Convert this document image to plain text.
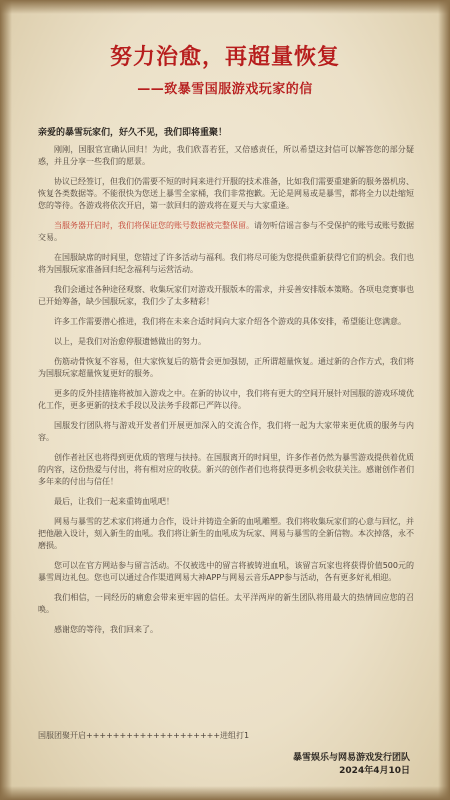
努力治愈，再超量恢复
——致暴雪国服游戏玩家的信
亲爱的暴雪玩家们，好久不见，我们即将重聚！

刚刚，国服官宣确认回归！为此，我们欣喜若狂，又倍感责任，所以希望这封信可以解答您的部分疑惑，并且分享一些我们的愿景。

协议已经签订，但我们仍需要不短的时间来进行开服的技术准备，比如我们需要重建新的服务器机房、恢复各类数据等。不能很快为您送上暴雪全家桶，我们非常抱歉。无论是网易或是暴雪，都将全力以赴缩短您的等待。各游戏将依次开启，第一款回归的游戏将在夏天与大家重逢。

当服务器开启时，我们将保证您的账号数据被完整保留。请勿听信谣言参与不受保护的账号或账号数据交易。

在国服缺席的时间里，您错过了许多活动与福利。我们将尽可能为您提供重新获得它们的机会。我们也将为国服玩家准备回归纪念福利与运营活动。

我们会通过各种途径观察、收集玩家们对游戏开服版本的需求，并妥善安排版本策略。各项电竞赛事也已开始筹备，缺少国服玩家，我们少了太多精彩！

许多工作需要潜心推进，我们将在未来合适时间向大家介绍各个游戏的具体安排，希望能让您满意。

以上，是我们对治愈停服遗憾做出的努力。

伤筋动骨恢复不容易，但大家恢复后的筋骨会更加强韧，正所谓超量恢复。通过新的合作方式，我们将为国服玩家超量恢复更好的服务。

更多的反外挂措施将被加入游戏之中。在新的协议中，我们将有更大的空间开展针对国服的游戏环境优化工作，更多更新的技术手段以及法务手段都已严阵以待。

国服发行团队将与游戏开发者们开展更加深入的交流合作，我们将一起为大家带来更优质的服务与内容。

创作者社区也将得到更优质的管理与扶持。在国服离开的时间里，许多作者仍然为暴雪游戏提供着优质的内容，这份热爱与付出，将有相对应的收获。新兴的创作者们也将获得更多机会收获关注。感谢创作者们多年来的付出与信任！

最后，让我们一起来重铸血吼吧！

网易与暴雪的艺术家们将通力合作，设计并铸造全新的血吼雕塑。我们将收集玩家们的心意与回忆，并把他融入设计，刻入新生的血吼。我们将让新生的血吼成为玩家、网易与暴雪的全新信物。本次掉落，永不磨损。

您可以在官方网站参与留言活动。不仅被选中的留言将被铸进血吼，该留言玩家也将获得价值500元的暴雪周边礼包。您也可以通过合作渠道网易大神APP与网易云音乐APP参与活动，各有更多好礼相迎。

我们相信，一同经历的痛愈会带来更牢固的信任。太平洋两岸的新生团队将用最大的热情回应您的召唤。

感谢您的等待，我们回来了。

国服团聚开启++++++++++++++++++++进组打1
暴雪娱乐与网易游戏发行团队
2024年4月10日
